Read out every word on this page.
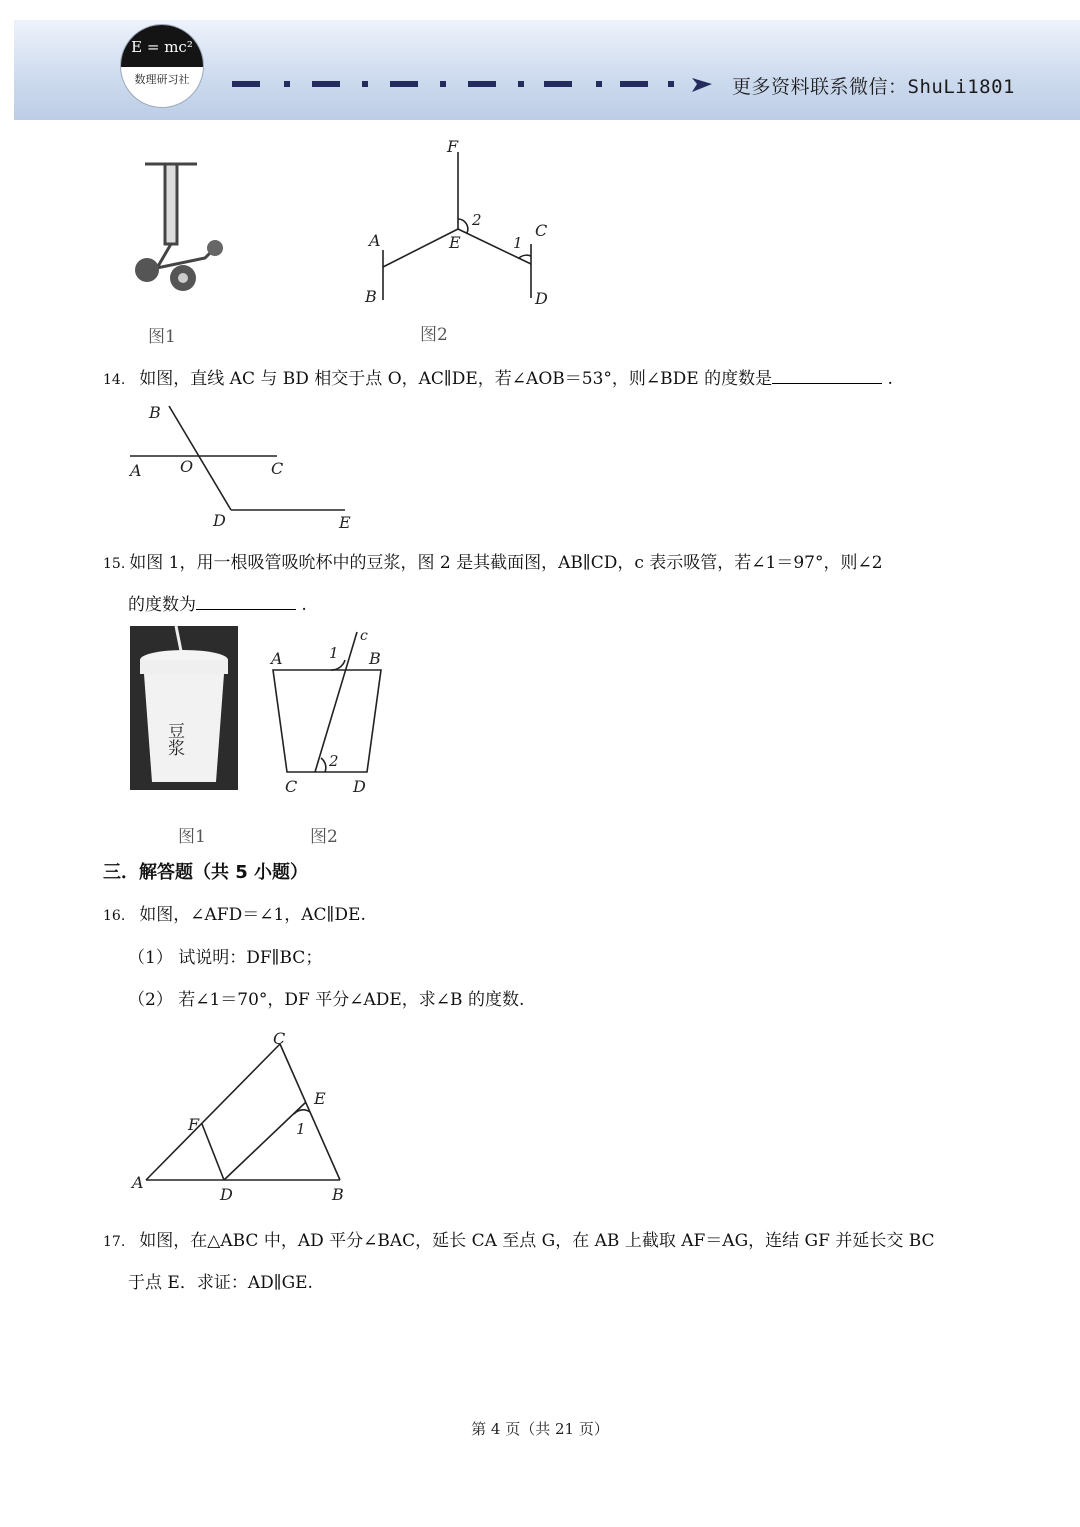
E = mc²
数理研习社	更多资料联系微信：ShuLi1801
图1
F
A
B
E
2
1
C
D
图2
14. 如图，直线 AC 与 BD 相交于点 O，AC∥DE，若∠AOB＝53°，则∠BDE 的度数是	.
B
A O	C
D	E
15. 如图 1，用一根吸管吸吮杯中的豆浆，图 2 是其截面图，AB∥CD，c 表示吸管，若∠1＝97°，则∠2
的度数为	.
豆浆
图1
c
A	1 B
2
C	D
图2
三．解答题（共 5 小题）
16. 如图，∠AFD＝∠1，AC∥DE.
（1） 试说明：DF∥BC；
（2） 若∠1＝70°，DF 平分∠ADE，求∠B 的度数.
C
E
F	1
A
D	B
17. 如图，在△ABC 中，AD 平分∠BAC，延长 CA 至点 G，在 AB 上截取 AF＝AG，连结 GF 并延长交 BC
于点 E．求证：AD∥GE.
第 4 页（共 21 页）
